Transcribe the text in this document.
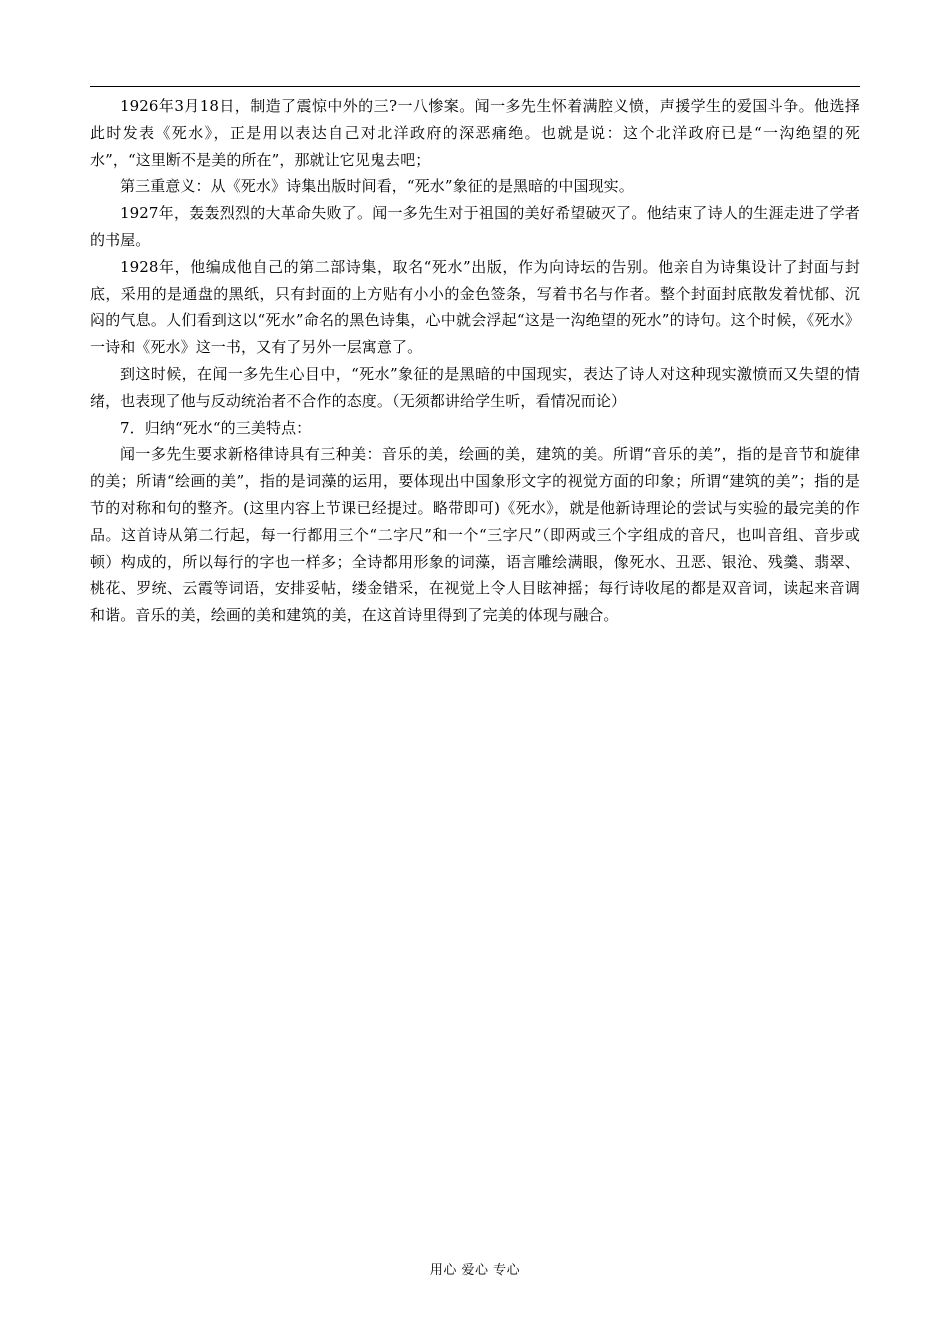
1926年3月18日，制造了震惊中外的三?一八惨案。闻一多先生怀着满腔义愤，声援学生的爱国斗争。他选择此时发表《死水》，正是用以表达自己对北洋政府的深恶痛绝。也就是说：这个北洋政府已是“一沟绝望的死水”，“这里断不是美的所在”，那就让它见鬼去吧；

第三重意义：从《死水》诗集出版时间看，“死水”象征的是黑暗的中国现实。

1927年，轰轰烈烈的大革命失败了。闻一多先生对于祖国的美好希望破灭了。他结束了诗人的生涯走进了学者的书屋。

1928年，他编成他自己的第二部诗集，取名“死水”出版，作为向诗坛的告别。他亲自为诗集设计了封面与封底，采用的是通盘的黑纸，只有封面的上方贴有小小的金色签条，写着书名与作者。整个封面封底散发着忧郁、沉闷的气息。人们看到这以“死水”命名的黑色诗集，心中就会浮起“这是一沟绝望的死水”的诗句。这个时候，《死水》一诗和《死水》这一书，又有了另外一层寓意了。

到这时候，在闻一多先生心目中，“死水”象征的是黑暗的中国现实，表达了诗人对这种现实激愤而又失望的情绪，也表现了他与反动统治者不合作的态度。（无须都讲给学生听，看情况而论）

7．归纳“死水“的三美特点：

闻一多先生要求新格律诗具有三种美：音乐的美，绘画的美，建筑的美。所谓“音乐的美”，指的是音节和旋律的美；所请“绘画的美”，指的是词藻的运用，要体现出中国象形文字的视觉方面的印象；所谓“建筑的美”；指的是节的对称和句的整齐。(这里内容上节课已经提过。略带即可)《死水》，就是他新诗理论的尝试与实验的最完美的作品。这首诗从第二行起，每一行都用三个“二字尺”和一个“三字尺”（即两或三个字组成的音尺，也叫音组、音步或顿）构成的，所以每行的字也一样多；全诗都用形象的词藻，语言雕绘满眼，像死水、丑恶、银沧、残羹、翡翠、桃花、罗统、云霞等词语，安排妥帖，缕金错采，在视觉上令人目眩神摇；每行诗收尾的都是双音词，读起来音调和谐。音乐的美，绘画的美和建筑的美，在这首诗里得到了完美的体现与融合。

用心 爱心 专心
